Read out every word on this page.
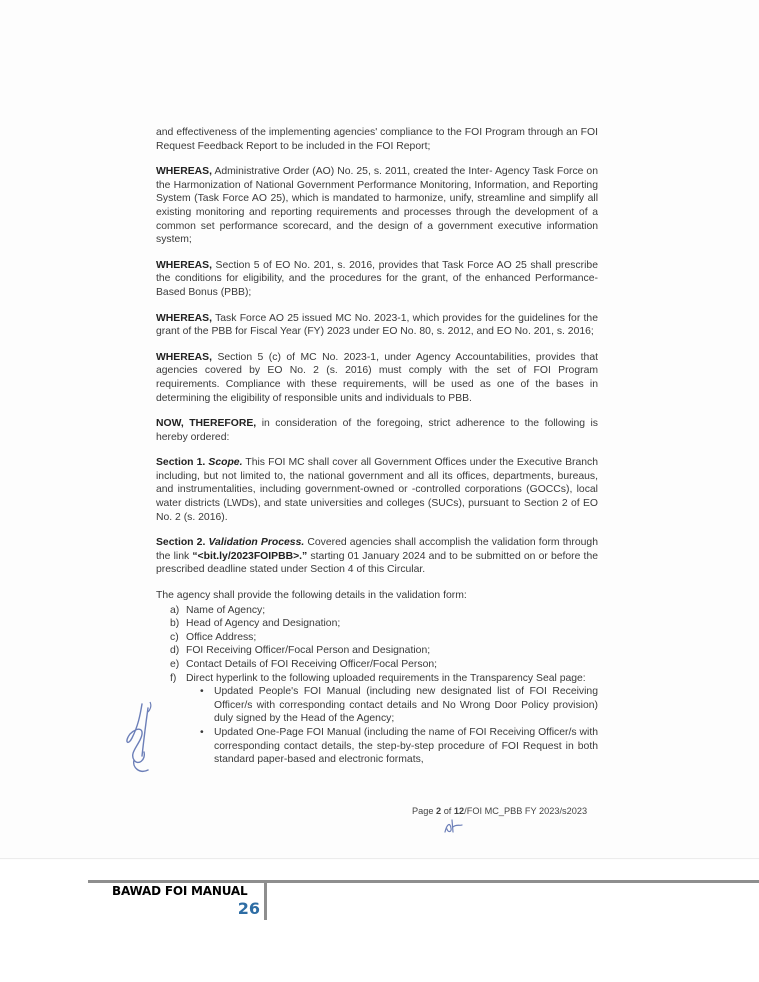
and effectiveness of the implementing agencies' compliance to the FOI Program through an FOI Request Feedback Report to be included in the FOI Report;

WHEREAS, Administrative Order (AO) No. 25, s. 2011, created the Inter- Agency Task Force on the Harmonization of National Government Performance Monitoring, Information, and Reporting System (Task Force AO 25), which is mandated to harmonize, unify, streamline and simplify all existing monitoring and reporting requirements and processes through the development of a common set performance scorecard, and the design of a government executive information system;

WHEREAS, Section 5 of EO No. 201, s. 2016, provides that Task Force AO 25 shall prescribe the conditions for eligibility, and the procedures for the grant, of the enhanced Performance-Based Bonus (PBB);

WHEREAS, Task Force AO 25 issued MC No. 2023-1, which provides for the guidelines for the grant of the PBB for Fiscal Year (FY) 2023 under EO No. 80, s. 2012, and EO No. 201, s. 2016;

WHEREAS, Section 5 (c) of MC No. 2023-1, under Agency Accountabilities, provides that agencies covered by EO No. 2 (s. 2016) must comply with the set of FOI Program requirements. Compliance with these requirements, will be used as one of the bases in determining the eligibility of responsible units and individuals to PBB.

NOW, THEREFORE, in consideration of the foregoing, strict adherence to the following is hereby ordered:

Section 1. Scope. This FOI MC shall cover all Government Offices under the Executive Branch including, but not limited to, the national government and all its offices, departments, bureaus, and instrumentalities, including government-owned or -controlled corporations (GOCCs), local water districts (LWDs), and state universities and colleges (SUCs), pursuant to Section 2 of EO No. 2 (s. 2016).

Section 2. Validation Process. Covered agencies shall accomplish the validation form through the link “<bit.ly/2023FOIPBB>.” starting 01 January 2024 and to be submitted on or before the prescribed deadline stated under Section 4 of this Circular.

The agency shall provide the following details in the validation form:
a) Name of Agency;
b) Head of Agency and Designation;
c) Office Address;
d) FOI Receiving Officer/Focal Person and Designation;
e) Contact Details of FOI Receiving Officer/Focal Person;
f) Direct hyperlink to the following uploaded requirements in the Transparency Seal page:
• Updated People's FOI Manual (including new designated list of FOI Receiving Officer/s with corresponding contact details and No Wrong Door Policy provision) duly signed by the Head of the Agency;
• Updated One-Page FOI Manual (including the name of FOI Receiving Officer/s with corresponding contact details, the step-by-step procedure of FOI Request in both standard paper-based and electronic formats,
Page 2 of 12/FOI MC_PBB FY 2023/s2023
BAWAD FOI MANUAL
26
